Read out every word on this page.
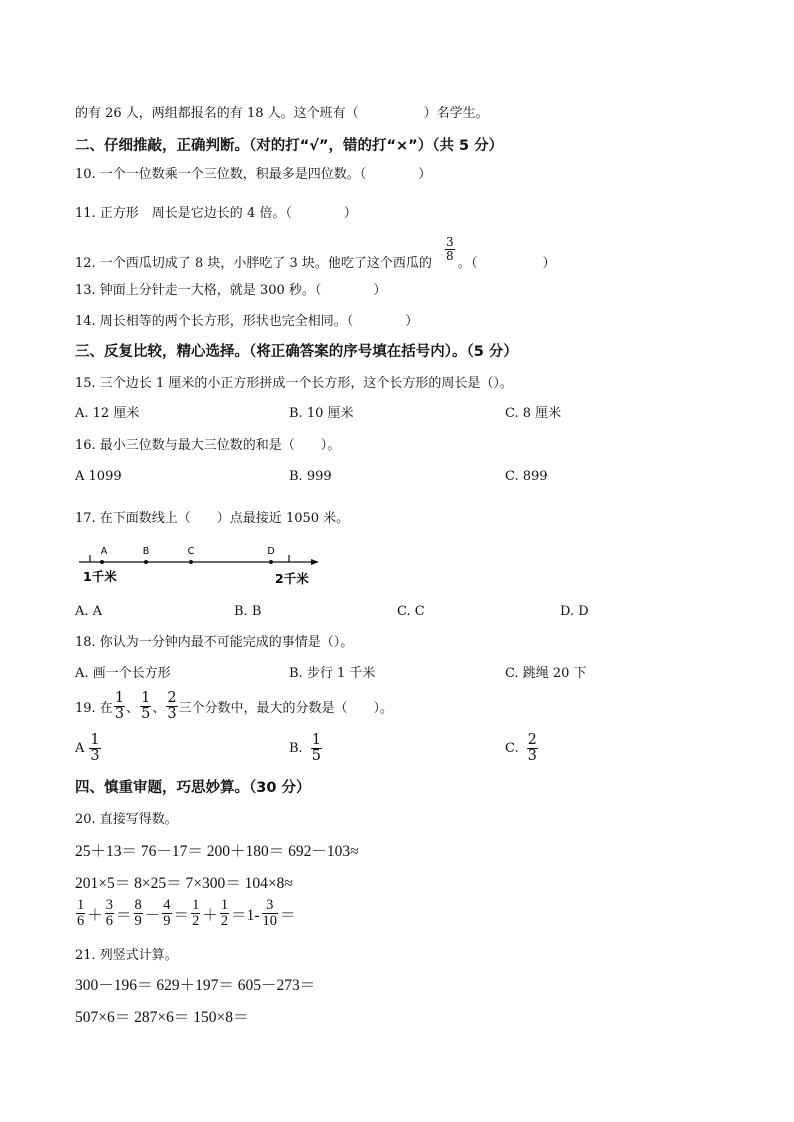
的有 26 人，两组都报名的有 18 人。这个班有（　　　　　）名学生。
二、仔细推敲，正确判断。（对的打“√”，错的打“×”）（共 5 分）
10. 一个一位数乘一个三位数，积最多是四位数。（　　　　）
11. 正方形　周长是它边长的 4 倍。（　　　　）
12. 一个西瓜切成了 8 块，小胖吃了 3 块。他吃了这个西瓜的
$\frac{3}{8}$
。（　　　　　）
13. 钟面上分针走一大格，就是 300 秒。（　　　　）
14. 周长相等的两个长方形，形状也完全相同。（　　　　）
三、反复比较，精心选择。（将正确答案的序号填在括号内）。（5 分）
15. 三个边长 1 厘米的小正方形拼成一个长方形，这个长方形的周长是（）。
A. 12 厘米	B. 10 厘米	C. 8 厘米
16. 最小三位数与最大三位数的和是（　　）。
A 1099	B. 999	C. 899
17. 在下面数线上（　　）点最接近 1050 米。
A	B	C	D
1千米	2千米
A. A	B. B	C. C	D. D
18. 你认为一分钟内最不可能完成的事情是（）。
A. 画一个长方形	B. 步行 1 千米	C. 跳绳 20 下
19. 在 $\frac{1}{3}$ 、 $\frac{1}{5}$ 、 $\frac{2}{3}$ 三个分数中，最大的分数是（　　）。
A $\frac{1}{3}$	B. $\frac{1}{5}$	C. $\frac{2}{3}$
四、慎重审题，巧思妙算。（30 分）
20. 直接写得数。
25＋13＝ 76－17＝ 200＋180＝ 692－103≈
201×5＝ 8×25＝ 7×300＝ 104×8≈
$\frac{1}{6} + \frac{3}{6} = \frac{8}{9} - \frac{4}{9} = \frac{1}{2} + \frac{1}{2} =1- \frac{3}{10}$ ＝
21. 列竖式计算。
300－196＝ 629＋197＝ 605－273＝
507×6＝ 287×6＝ 150×8＝
